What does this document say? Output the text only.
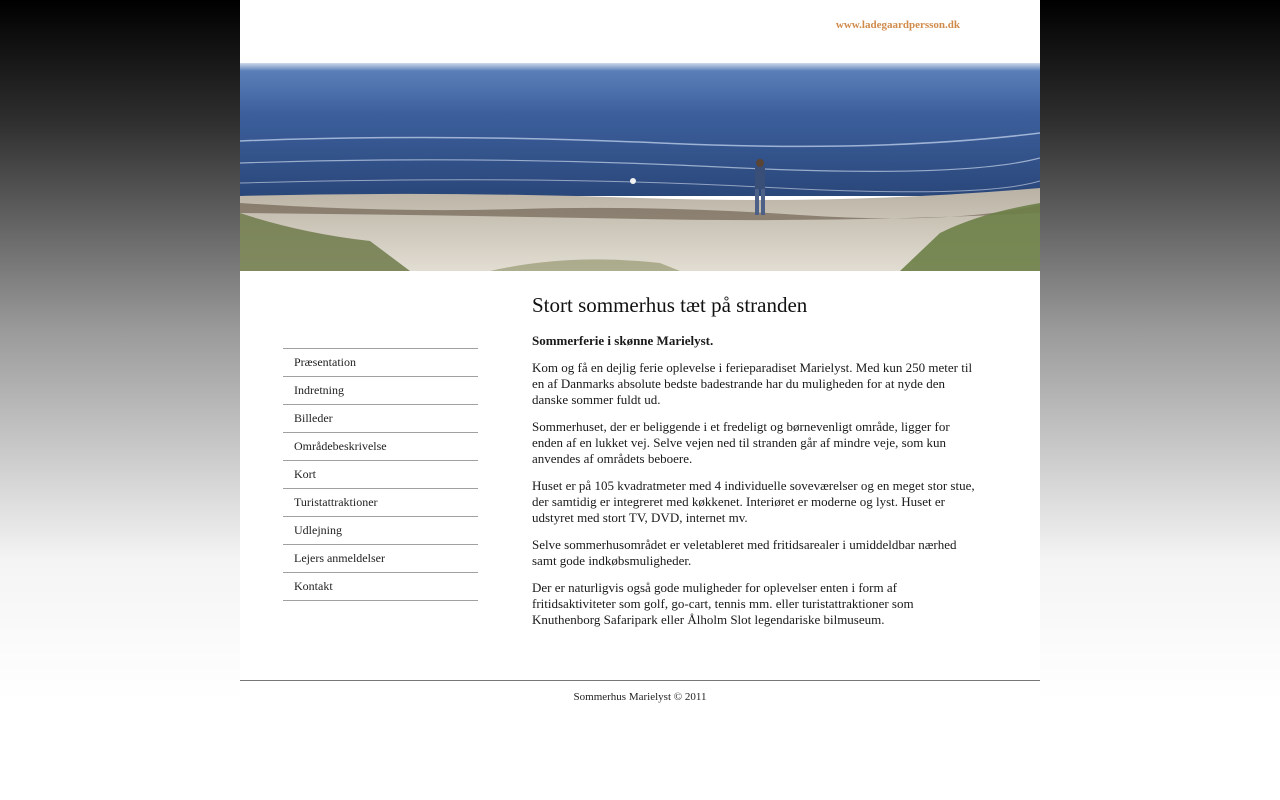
www.ladegaardpersson.dk
Præsentation
Indretning
Billeder
Områdebeskrivelse
Kort
Turistattraktioner
Udlejning
Lejers anmeldelser
Kontakt
Stort sommerhus tæt på stranden
Sommerferie i skønne Marielyst.

Kom og få en dejlig ferie oplevelse i ferieparadiset Marielyst. Med kun 250 meter til en af Danmarks absolute bedste badestrande har du muligheden for at nyde den danske sommer fuldt ud.

Sommerhuset, der er beliggende i et fredeligt og børnevenligt område, ligger for enden af en lukket vej. Selve vejen ned til stranden går af mindre veje, som kun anvendes af områdets beboere.

Huset er på 105 kvadratmeter med 4 individuelle soveværelser og en meget stor stue, der samtidig er integreret med køkkenet. Interiøret er moderne og lyst. Huset er udstyret med stort TV, DVD, internet mv.

Selve sommerhusområdet er veletableret med fritidsarealer i umiddeldbar nærhed samt gode indkøbsmuligheder.

Der er naturligvis også gode muligheder for oplevelser enten i form af fritidsaktiviteter som golf, go-cart, tennis mm. eller turistattraktioner som Knuthenborg Safaripark eller Ålholm Slot legendariske bilmuseum.

Sommerhus Marielyst © 2011
